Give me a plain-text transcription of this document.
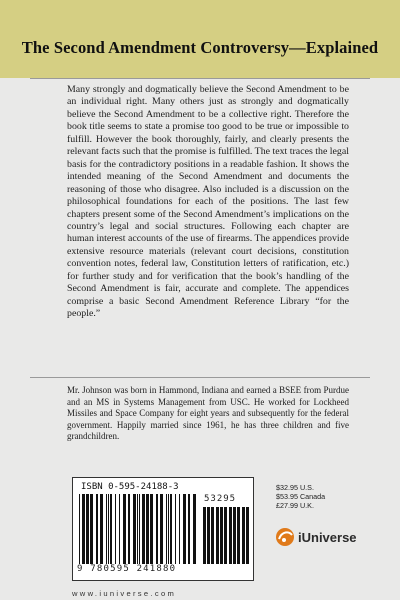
The Second Amendment Controversy—Explained

Many strongly and dogmatically believe the Second Amendment to be an individual right. Many others just as strongly and dogmatically believe the Second Amendment to be a collective right. Therefore the book title seems to state a promise too good to be true or impossible to fulfill. However the book thoroughly, fairly, and clearly presents the relevant facts such that the promise is fulfilled. The text traces the legal basis for the contradictory positions in a readable fashion. It shows the intended meaning of the Second Amendment and documents the reasoning of those who disagree. Also included is a discussion on the philosophical foundations for each of the positions. The last few chapters present some of the Second Amendment’s implications on the country’s legal and social structures. Following each chapter are human interest accounts of the use of firearms. The appendices provide extensive resource materials (relevant court decisions, constitution convention notes, federal law, Constitution letters of ratification, etc.) for further study and for verification that the book’s handling of the Second Amendment is fair, accurate and complete. The appendices comprise a basic Second Amendment Reference Library “for the people.”

Mr. Johnson was born in Hammond, Indiana and earned a BSEE from Purdue and an MS in Systems Management from USC. He worked for Lockheed Missiles and Space Company for eight years and subsequently for the federal government. Happily married since 1961, he has three children and five grandchildren.

ISBN 0-595-24188-3
53295
9 780595 241880
$32.95 U.S.
$53.95 Canada
£27.99 U.K.
iUniverse
www.iuniverse.com
